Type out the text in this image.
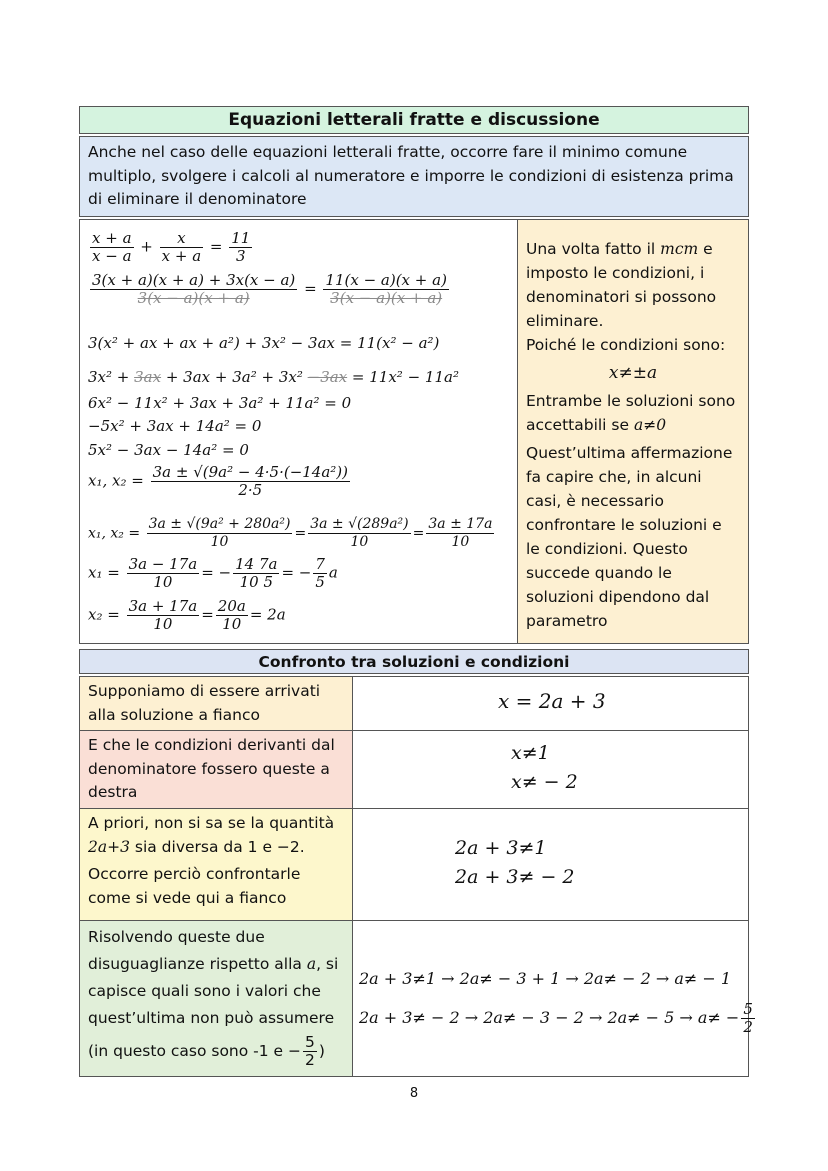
Equazioni letterali fratte e discussione
Anche nel caso delle equazioni letterali fratte, occorre fare il minimo comune multiplo, svolgere i calcoli al numeratore e imporre le condizioni di esistenza prima di eliminare il denominatore
$\frac{x + a}{x - a} + \frac{x}{x + a} = \frac{11}{3}$
$\frac{3(x + a)(x + a) + 3x(x - a)}{3(x - a)(x + a)} = \frac{11(x - a)(x + a)}{3(x - a)(x + a)}$
3(x² + ax + ax + a²) + 3x² − 3ax = 11(x² − a²)
3x² + 3ax + 3ax + 3a² + 3x² −3ax = 11x² − 11a²
6x² − 11x² + 3ax + 3a² + 11a² = 0
−5x² + 3ax + 14a² = 0
5x² − 3ax − 14a² = 0
x₁, $x_2 = \frac{\text{3a ± √(9a² − 4·5·(−14a²))}}{2\cdot 5}$
x₁, $x_2 = \frac{\text{3a ± √(9a² + 280a²)}}{10} = \frac{\text{3a ± √(289a²)}}{10} = \frac{3a \pm 17a}{10}$
$x_1 = \frac{3a - 17a}{10}$ = − $\frac{14 7a}{10 5}$ = − $\frac{7}{5}$ a
$x_2 = \frac{3a + 17a}{10} = \frac{20a}{10} = 2a$
Una volta fatto il mcm e imposto le condizioni, i denominatori si possono eliminare.
Poiché le condizioni sono:
x≠±a
Entrambe le soluzioni sono accettabili se a≠0
Quest’ultima affermazione fa capire che, in alcuni casi, è necessario confrontare le soluzioni e le condizioni. Questo succede quando le soluzioni dipendono dal parametro
Confronto tra soluzioni e condizioni
Supponiamo di essere arrivati alla soluzione a fianco
x = 2a + 3
E che le condizioni derivanti dal denominatore fossero queste a destra
x≠1
x≠ − 2
A priori, non si sa se la quantità 2a+3 sia diversa da 1 e −2.
Occorre perciò confrontarle come si vede qui a fianco
2a + 3≠1
2a + 3≠ − 2
Risolvendo queste due disuguaglianze rispetto alla a, si capisce quali sono i valori che quest’ultima non può assumere
(in questo caso sono -1 $e - \frac{5}{2}$ )
2a + 3≠1 → 2a≠ − 3 + 1 → 2a≠ − 2 → a≠ − 1
$2a + 3\ne - 2 \to 2a\ne - 3 - 2 \to 2a\ne - 5 \to a\ne - \frac{5}{2}$
8
